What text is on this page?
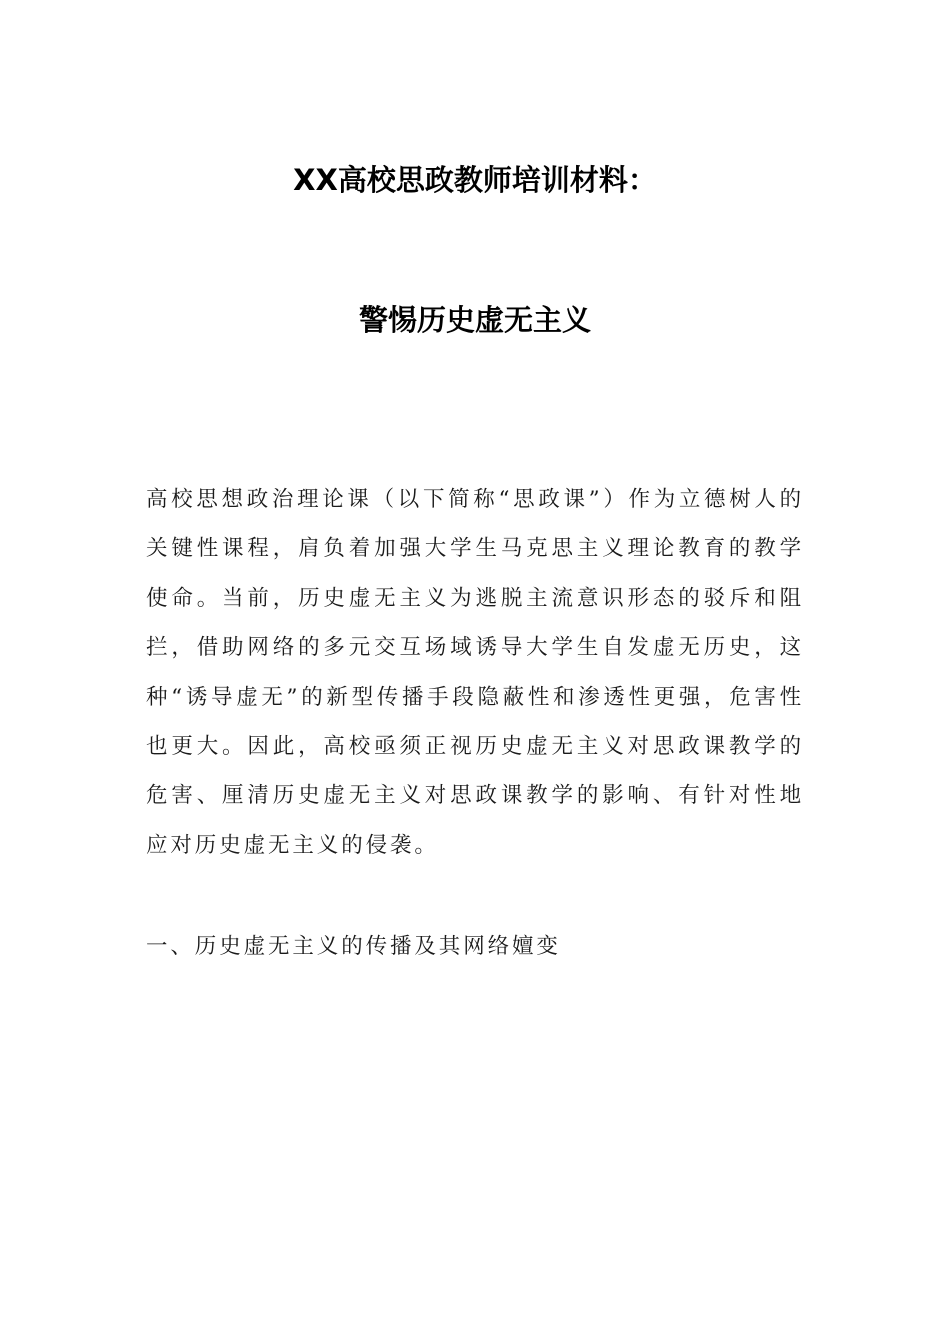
XX高校思政教师培训材料：
警惕历史虚无主义

高校思想政治理论课（以下简称“思政课”）作为立德树人的关键性课程，肩负着加强大学生马克思主义理论教育的教学使命。当前，历史虚无主义为逃脱主流意识形态的驳斥和阻拦，借助网络的多元交互场域诱导大学生自发虚无历史，这种“诱导虚无”的新型传播手段隐蔽性和渗透性更强，危害性也更大。因此，高校亟须正视历史虚无主义对思政课教学的危害、厘清历史虚无主义对思政课教学的影响、有针对性地应对历史虚无主义的侵袭。

一、历史虚无主义的传播及其网络嬗变
